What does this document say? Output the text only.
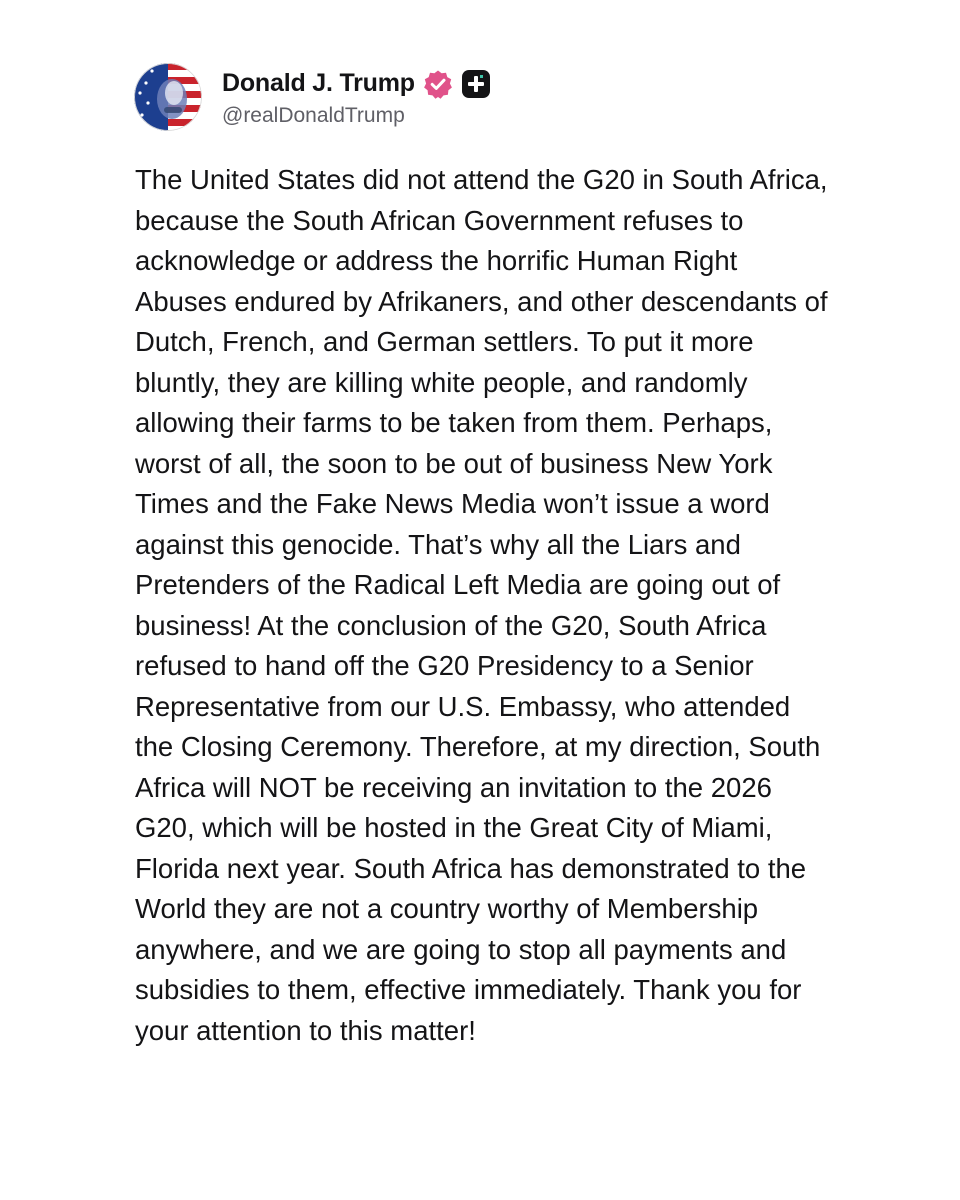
Donald J. Trump
@realDonaldTrump
The United States did not attend the G20 in South Africa, because the South African Government refuses to acknowledge or address the horrific Human Right Abuses endured by Afrikaners, and other descendants of Dutch, French, and German settlers. To put it more bluntly, they are killing white people, and randomly allowing their farms to be taken from them. Perhaps, worst of all, the soon to be out of business New York Times and the Fake News Media won’t issue a word against this genocide. That’s why all the Liars and Pretenders of the Radical Left Media are going out of business! At the conclusion of the G20, South Africa refused to hand off the G20 Presidency to a Senior Representative from our U.S. Embassy, who attended the Closing Ceremony. Therefore, at my direction, South Africa will NOT be receiving an invitation to the 2026 G20, which will be hosted in the Great City of Miami, Florida next year. South Africa has demonstrated to the World they are not a country worthy of Membership anywhere, and we are going to stop all payments and subsidies to them, effective immediately. Thank you for your attention to this matter!
